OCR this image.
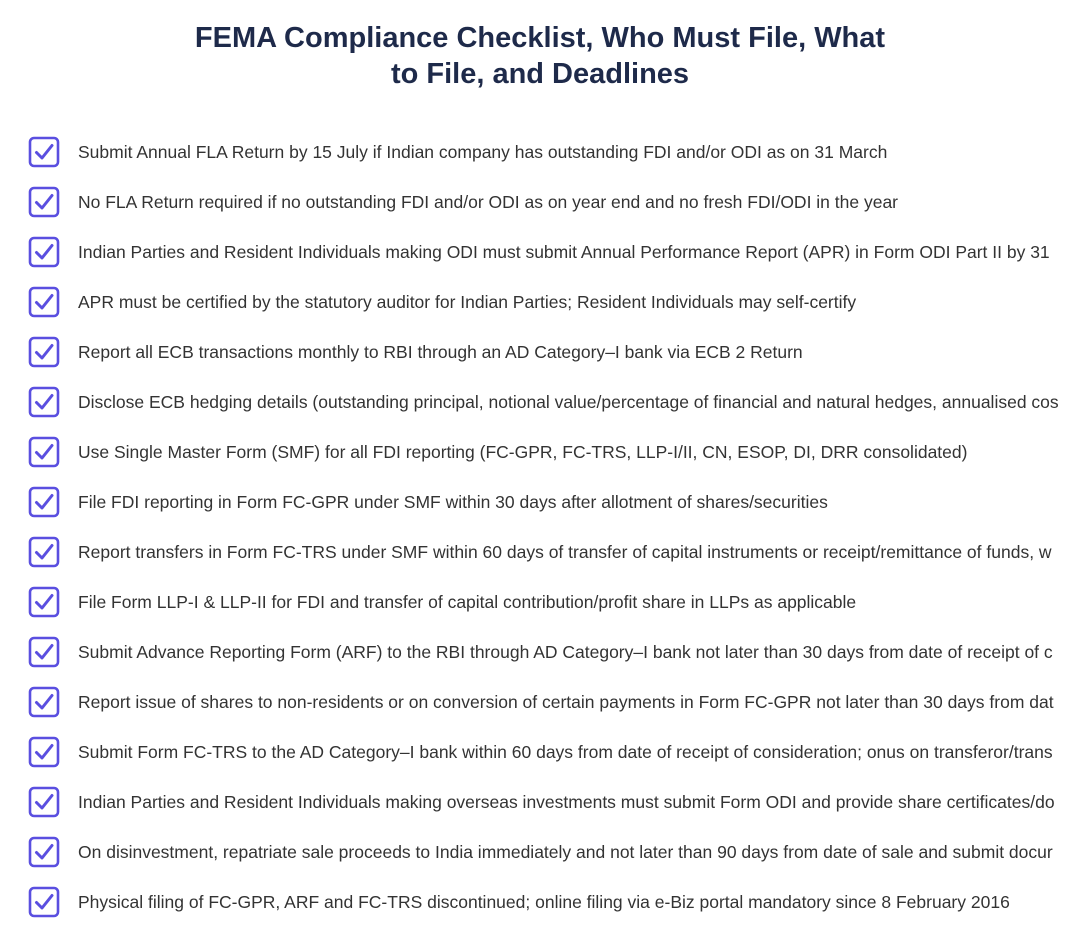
FEMA Compliance Checklist, Who Must File, What
to File, and Deadlines
Submit Annual FLA Return by 15 July if Indian company has outstanding FDI and/or ODI as on 31 March
No FLA Return required if no outstanding FDI and/or ODI as on year end and no fresh FDI/ODI in the year
Indian Parties and Resident Individuals making ODI must submit Annual Performance Report (APR) in Form ODI Part II by 31
APR must be certified by the statutory auditor for Indian Parties; Resident Individuals may self-certify
Report all ECB transactions monthly to RBI through an AD Category–I bank via ECB 2 Return
Disclose ECB hedging details (outstanding principal, notional value/percentage of financial and natural hedges, annualised cos
Use Single Master Form (SMF) for all FDI reporting (FC-GPR, FC-TRS, LLP-I/II, CN, ESOP, DI, DRR consolidated)
File FDI reporting in Form FC-GPR under SMF within 30 days after allotment of shares/securities
Report transfers in Form FC-TRS under SMF within 60 days of transfer of capital instruments or receipt/remittance of funds, w
File Form LLP-I & LLP-II for FDI and transfer of capital contribution/profit share in LLPs as applicable
Submit Advance Reporting Form (ARF) to the RBI through AD Category–I bank not later than 30 days from date of receipt of c
Report issue of shares to non-residents or on conversion of certain payments in Form FC-GPR not later than 30 days from dat
Submit Form FC-TRS to the AD Category–I bank within 60 days from date of receipt of consideration; onus on transferor/trans
Indian Parties and Resident Individuals making overseas investments must submit Form ODI and provide share certificates/do
On disinvestment, repatriate sale proceeds to India immediately and not later than 90 days from date of sale and submit docur
Physical filing of FC-GPR, ARF and FC-TRS discontinued; online filing via e-Biz portal mandatory since 8 February 2016
